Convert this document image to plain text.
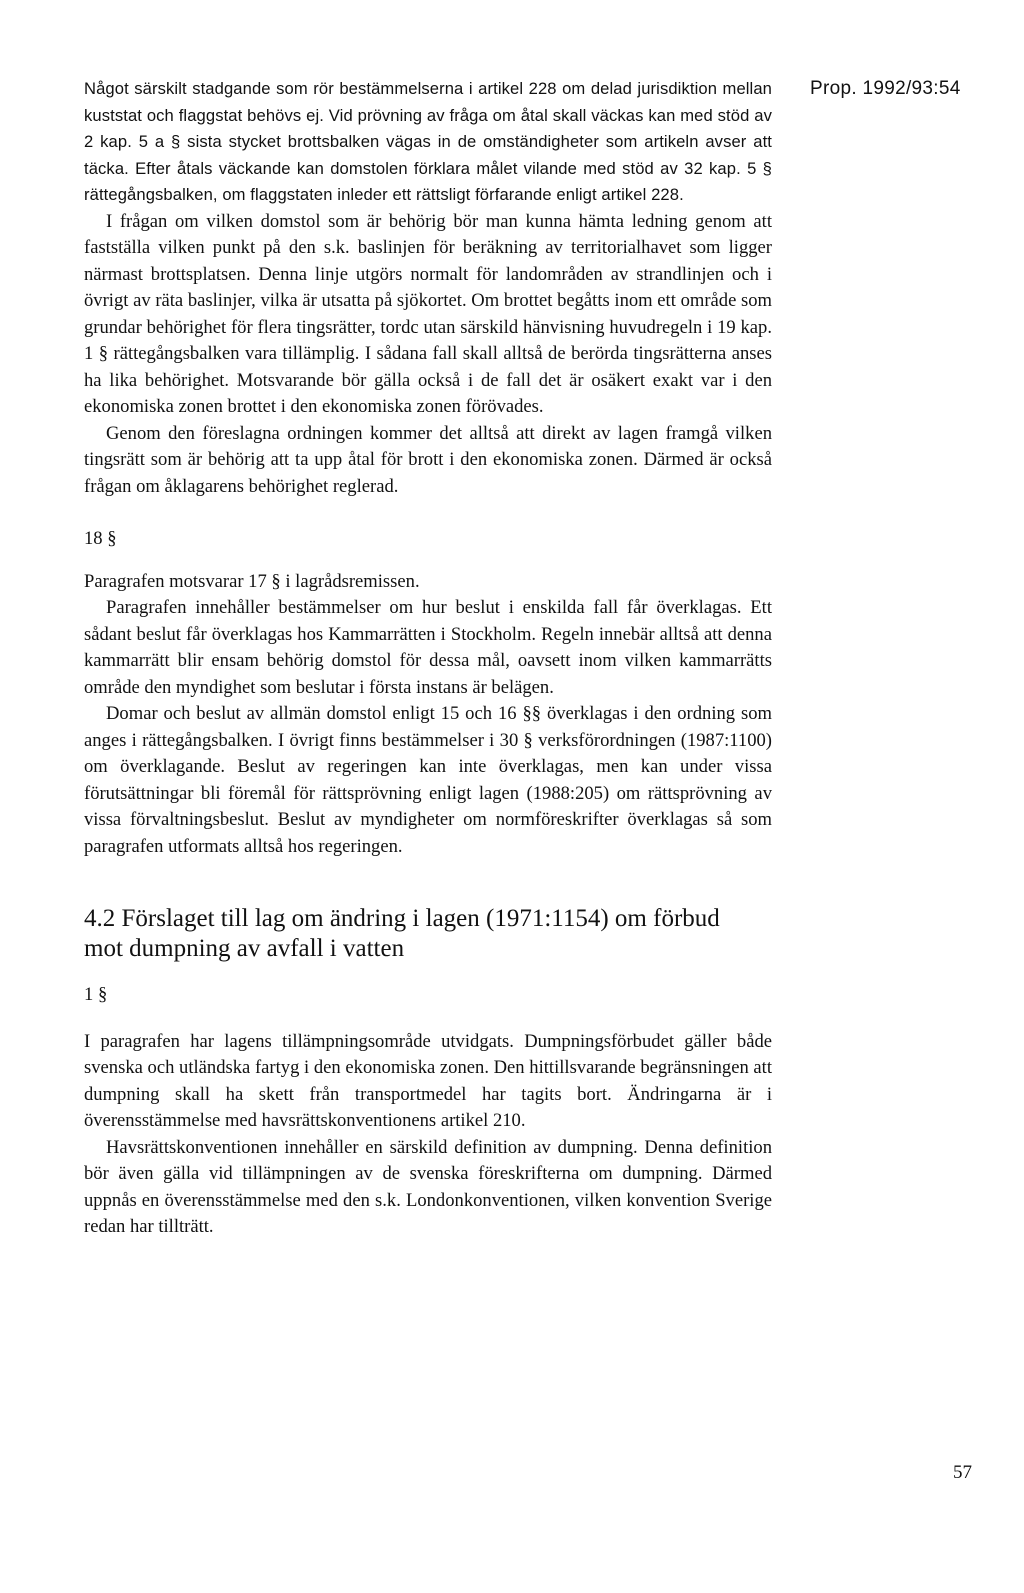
Prop. 1992/93:54

Något särskilt stadgande som rör bestämmelserna i artikel 228 om delad jurisdiktion mellan kuststat och flaggstat behövs ej. Vid prövning av fråga om åtal skall väckas kan med stöd av 2 kap. 5 a § sista stycket brottsbalken vägas in de omständigheter som artikeln avser att täcka. Efter åtals väckande kan domstolen förklara målet vilande med stöd av 32 kap. 5 § rättegångsbalken, om flaggstaten inleder ett rättsligt förfarande enligt artikel 228.

I frågan om vilken domstol som är behörig bör man kunna hämta ledning genom att fastställa vilken punkt på den s.k. baslinjen för beräkning av territorialhavet som ligger närmast brottsplatsen. Denna linje utgörs normalt för landområden av strandlinjen och i övrigt av räta baslinjer, vilka är utsatta på sjökortet. Om brottet begåtts inom ett område som grundar behörighet för flera tingsrätter, tordc utan särskild hänvisning huvudregeln i 19 kap. 1 § rättegångsbalken vara tillämplig. I sådana fall skall alltså de berörda tingsrätterna anses ha lika behörighet. Motsvarande bör gälla också i de fall det är osäkert exakt var i den ekonomiska zonen brottet i den ekonomiska zonen förövades.

Genom den föreslagna ordningen kommer det alltså att direkt av lagen framgå vilken tingsrätt som är behörig att ta upp åtal för brott i den ekonomiska zonen. Därmed är också frågan om åklagarens behörighet reglerad.

18 §

Paragrafen motsvarar 17 § i lagrådsremissen.

Paragrafen innehåller bestämmelser om hur beslut i enskilda fall får överklagas. Ett sådant beslut får överklagas hos Kammarrätten i Stockholm. Regeln innebär alltså att denna kammarrätt blir ensam behörig domstol för dessa mål, oavsett inom vilken kammarrätts område den myndighet som beslutar i första instans är belägen.

Domar och beslut av allmän domstol enligt 15 och 16 §§ överklagas i den ordning som anges i rättegångsbalken. I övrigt finns bestämmelser i 30 § verksförordningen (1987:1100) om överklagande. Beslut av regeringen kan inte överklagas, men kan under vissa förutsättningar bli föremål för rättsprövning enligt lagen (1988:205) om rättsprövning av vissa förvaltningsbeslut. Beslut av myndigheter om normföreskrifter överklagas så som paragrafen utformats alltså hos regeringen.

4.2 Förslaget till lag om ändring i lagen (1971:1154) om förbud mot dumpning av avfall i vatten

1 §

I paragrafen har lagens tillämpningsområde utvidgats. Dumpningsförbudet gäller både svenska och utländska fartyg i den ekonomiska zonen. Den hittillsvarande begränsningen att dumpning skall ha skett från transportmedel har tagits bort. Ändringarna är i överensstämmelse med havsrättskonventionens artikel 210.

Havsrättskonventionen innehåller en särskild definition av dumpning. Denna definition bör även gälla vid tillämpningen av de svenska föreskrifterna om dumpning. Därmed uppnås en överensstämmelse med den s.k. Londonkonventionen, vilken konvention Sverige redan har tillträtt.

57
